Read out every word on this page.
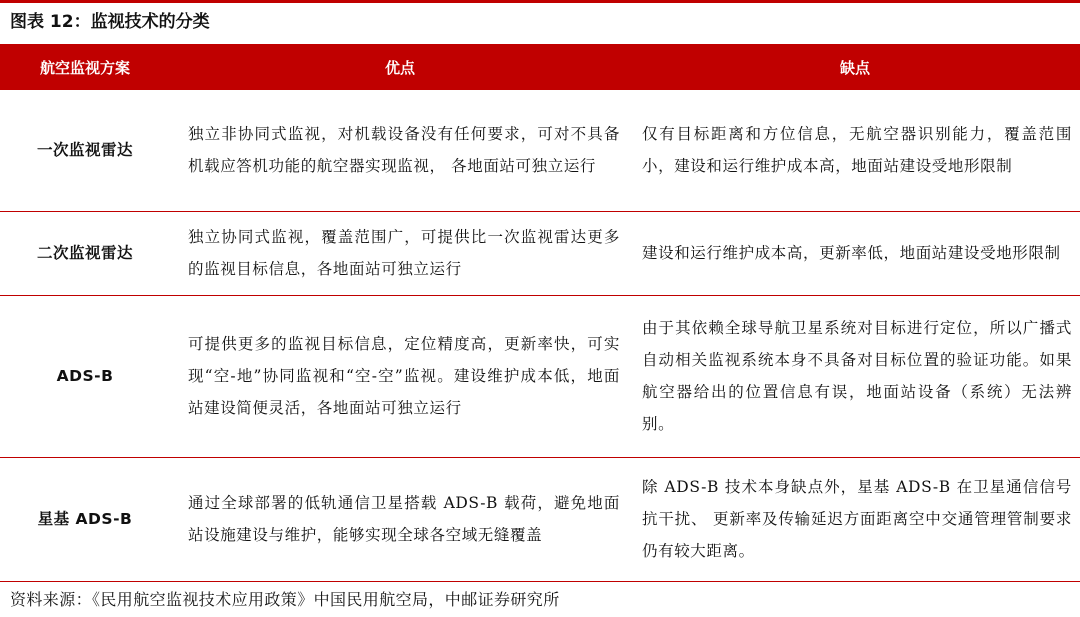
图表 12：监视技术的分类
航空监视方案	优点	缺点
一次监视雷达	独立非协同式监视，对机载设备没有任何要求，可对不具备机载应答机功能的航空器实现监视， 各地面站可独立运行	仅有目标距离和方位信息，无航空器识别能力，覆盖范围小，建设和运行维护成本高，地面站建设受地形限制
二次监视雷达	独立协同式监视，覆盖范围广，可提供比一次监视雷达更多的监视目标信息，各地面站可独立运行	建设和运行维护成本高，更新率低，地面站建设受地形限制
ADS-B	可提供更多的监视目标信息，定位精度高，更新率快，可实现“空-地”协同监视和“空-空”监视。建设维护成本低，地面站建设简便灵活，各地面站可独立运行	由于其依赖全球导航卫星系统对目标进行定位，所以广播式自动相关监视系统本身不具备对目标位置的验证功能。如果航空器给出的位置信息有误，地面站设备（系统）无法辨别。
星基 ADS-B	通过全球部署的低轨通信卫星搭载 ADS-B 载荷，避免地面站设施建设与维护，能够实现全球各空域无缝覆盖	除 ADS-B 技术本身缺点外，星基 ADS-B 在卫星通信信号抗干扰、 更新率及传输延迟方面距离空中交通管理管制要求仍有较大距离。
资料来源：《民用航空监视技术应用政策》中国民用航空局，中邮证券研究所
